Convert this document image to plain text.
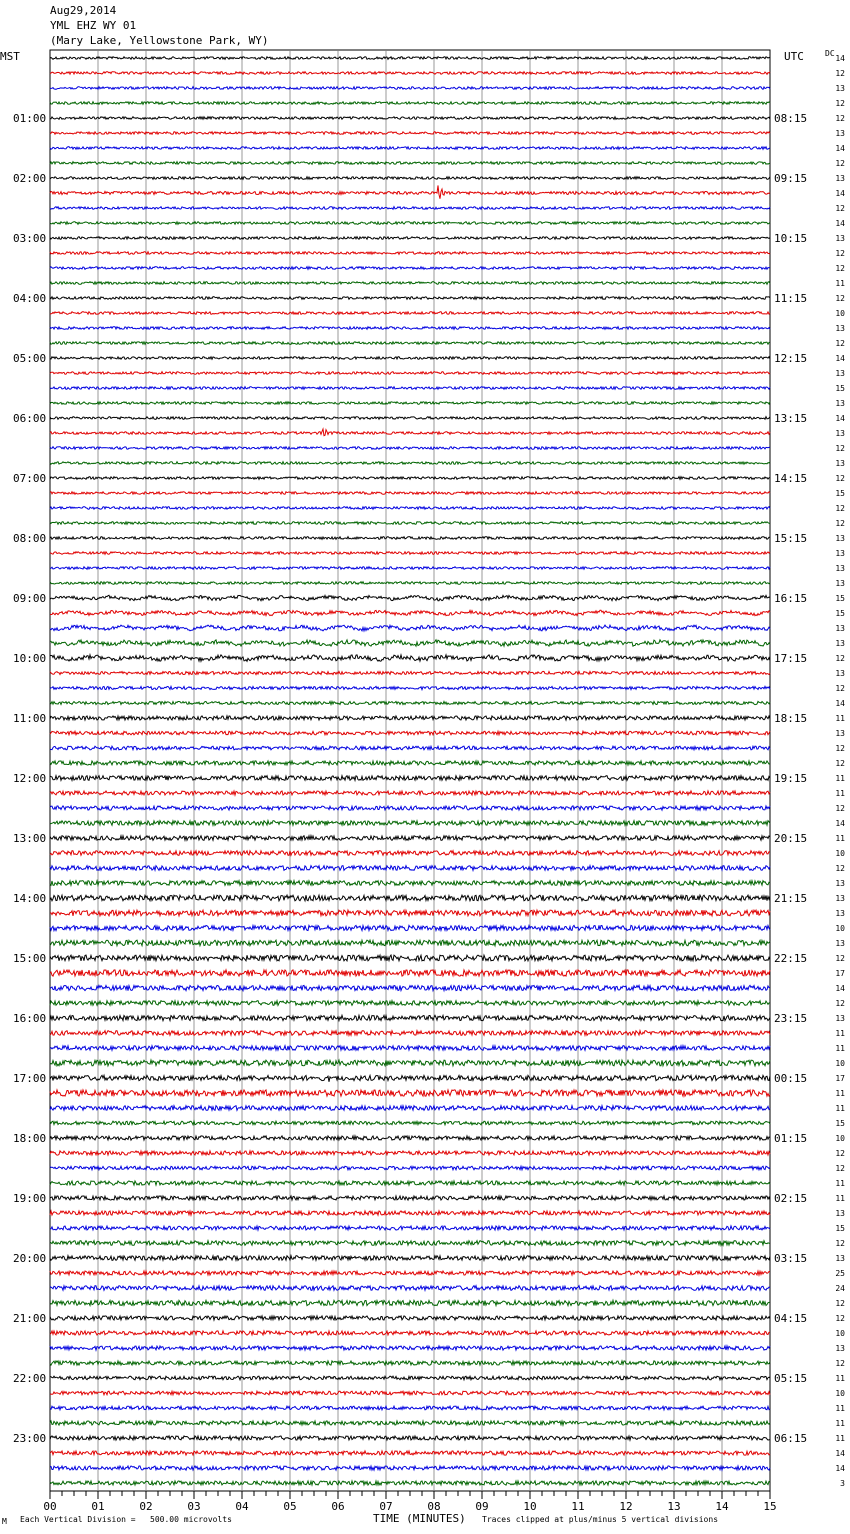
Aug29,2014
YML EHZ WY 01
(Mary Lake, Yellowstone Park, WY)
MST	UTC	DC
01:00
02:00
03:00
04:00
05:00
06:00
07:00
08:00
09:00
10:00
11:00
12:00
13:00
14:00
15:00
16:00
17:00
18:00
19:00
20:00
21:00
22:00
23:00
08:15
09:15
10:15
11:15
12:15
13:15
14:15
15:15
16:15
17:15
18:15
19:15
20:15
21:15
22:15
23:15
00:15
01:15
02:15
03:15
04:15
05:15
06:15
14
12
13
12
12
13
14
12
13
14
12
14
13
12
12
11
12
10
13
12
14
13
15
13
14
13
12
13
12
15
12
12
13
13
13
13
15
15
13
13
12
13
12
14
11
13
12
12
11
11
12
14
11
10
12
13
13
13
10
13
12
17
14
12
13
11
11
10
17
11
11
15
10
12
12
11
11
13
15
12
13
25
24
12
12
10
13
12
11
10
11
11
11
14
14
3
00	01	02	03	04	05	06	07	08	09	10	11	12	13	14	15
M Each Vertical Division =   500.00 microvolts	TIME (MINUTES) Traces clipped at plus/minus 5 vertical divisions
